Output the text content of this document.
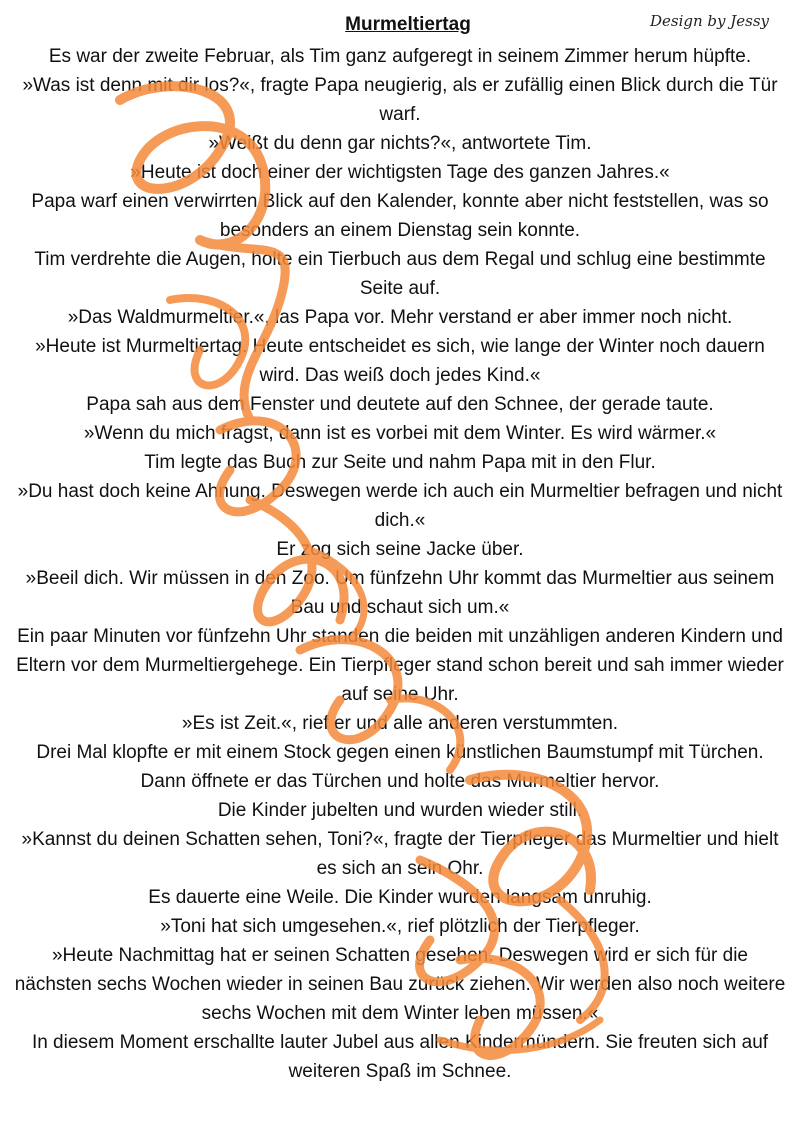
Murmeltiertag	Design by Jessy

Es war der zweite Februar, als Tim ganz aufgeregt in seinem Zimmer herum hüpfte.

»Was ist denn mit dir los?«, fragte Papa neugierig, als er zufällig einen Blick durch die Tür warf.

»Weißt du denn gar nichts?«, antwortete Tim.

»Heute ist doch einer der wichtigsten Tage des ganzen Jahres.«

Papa warf einen verwirrten Blick auf den Kalender, konnte aber nicht feststellen, was so besonders an einem Dienstag sein konnte.

Tim verdrehte die Augen, holte ein Tierbuch aus dem Regal und schlug eine bestimmte Seite auf.

»Das Waldmurmeltier.«, las Papa vor. Mehr verstand er aber immer noch nicht.

»Heute ist Murmeltiertag. Heute entscheidet es sich, wie lange der Winter noch dauern wird. Das weiß doch jedes Kind.«

Papa sah aus dem Fenster und deutete auf den Schnee, der gerade taute.

»Wenn du mich fragst, dann ist es vorbei mit dem Winter. Es wird wärmer.«

Tim legte das Buch zur Seite und nahm Papa mit in den Flur.

»Du hast doch keine Ahnung. Deswegen werde ich auch ein Murmeltier befragen und nicht dich.«

Er zog sich seine Jacke über.

»Beeil dich. Wir müssen in den Zoo. Um fünfzehn Uhr kommt das Murmeltier aus seinem Bau und schaut sich um.«

Ein paar Minuten vor fünfzehn Uhr standen die beiden mit unzähligen anderen Kindern und Eltern vor dem Murmeltiergehege. Ein Tierpfleger stand schon bereit und sah immer wieder auf seine Uhr.

»Es ist Zeit.«, rief er und alle anderen verstummten.

Drei Mal klopfte er mit einem Stock gegen einen künstlichen Baumstumpf mit Türchen. Dann öffnete er das Türchen und holte das Murmeltier hervor.

Die Kinder jubelten und wurden wieder still.

»Kannst du deinen Schatten sehen, Toni?«, fragte der Tierpfleger das Murmeltier und hielt es sich an sein Ohr.

Es dauerte eine Weile. Die Kinder wurden langsam unruhig.

»Toni hat sich umgesehen.«, rief plötzlich der Tierpfleger.

»Heute Nachmittag hat er seinen Schatten gesehen. Deswegen wird er sich für die nächsten sechs Wochen wieder in seinen Bau zurück ziehen. Wir werden also noch weitere sechs Wochen mit dem Winter leben müssen.«

In diesem Moment erschallte lauter Jubel aus allen Kindermündern. Sie freuten sich auf weiteren Spaß im Schnee.
